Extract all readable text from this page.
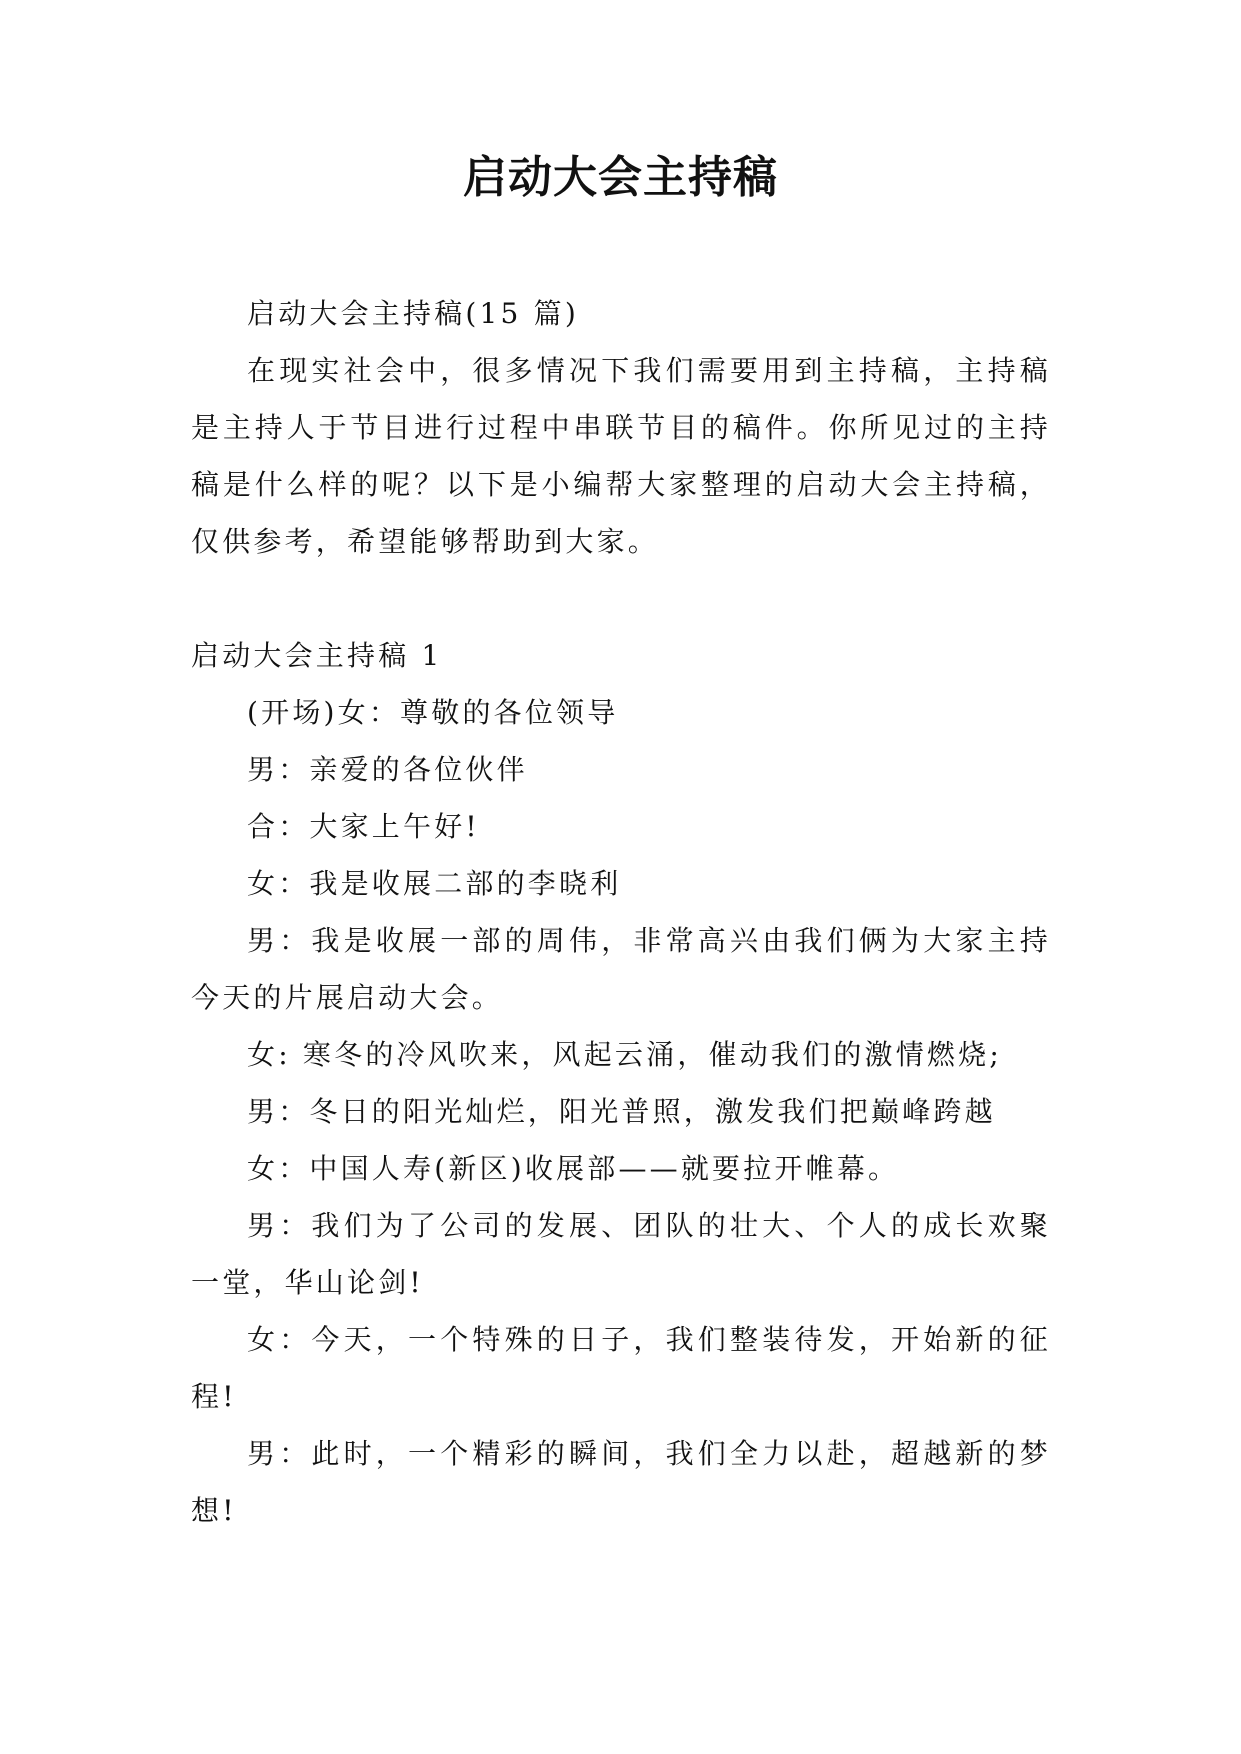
启动大会主持稿

启动大会主持稿(15 篇)

在现实社会中，很多情况下我们需要用到主持稿，主持稿是主持人于节目进行过程中串联节目的稿件。你所见过的主持稿是什么样的呢？以下是小编帮大家整理的启动大会主持稿，仅供参考，希望能够帮助到大家。

启动大会主持稿 1

(开场)女：尊敬的各位领导

男：亲爱的各位伙伴

合：大家上午好!

女：我是收展二部的李晓利

男：我是收展一部的周伟，非常高兴由我们俩为大家主持今天的片展启动大会。

女: 寒冬的冷风吹来，风起云涌，催动我们的激情燃烧;

男：冬日的阳光灿烂，阳光普照，激发我们把巅峰跨越

女：中国人寿(新区)收展部——就要拉开帷幕。

男：我们为了公司的发展、团队的壮大、个人的成长欢聚一堂，华山论剑!

女：今天，一个特殊的日子，我们整装待发，开始新的征程!

男：此时，一个精彩的瞬间，我们全力以赴，超越新的梦想!
